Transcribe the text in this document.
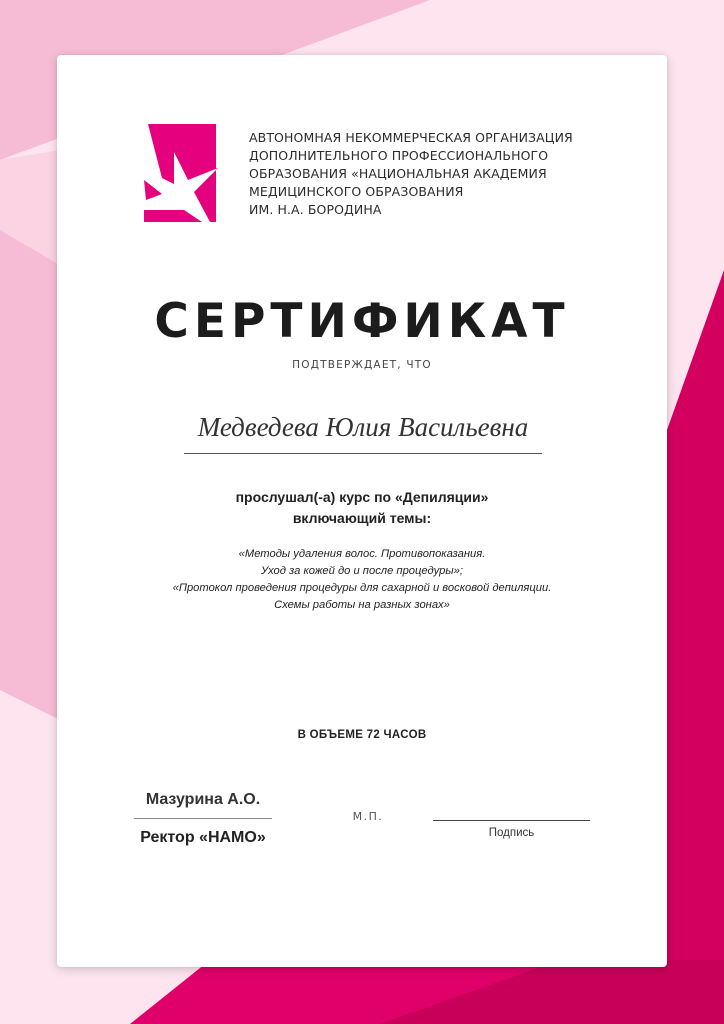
АВТОНОМНАЯ НЕКОММЕРЧЕСКАЯ ОРГАНИЗАЦИЯ
ДОПОЛНИТЕЛЬНОГО ПРОФЕССИОНАЛЬНОГО
ОБРАЗОВАНИЯ «НАЦИОНАЛЬНАЯ АКАДЕМИЯ
МЕДИЦИНСКОГО ОБРАЗОВАНИЯ
ИМ. Н.А. БОРОДИНА
СЕРТИФИКАТ
ПОДТВЕРЖДАЕТ, ЧТО
Медведева Юлия Васильевна
прослушал(-а) курс по «Депиляции»
включающий темы:
«Методы удаления волос. Противопоказания.
Уход за кожей до и после процедуры»;
«Протокол проведения процедуры для сахарной и восковой депиляции.
Схемы работы на разных зонах»
В ОБЪЕМЕ 72 ЧАСОВ
Мазурина А.О.
Ректор «НАМО»
М.П.
Подпись
